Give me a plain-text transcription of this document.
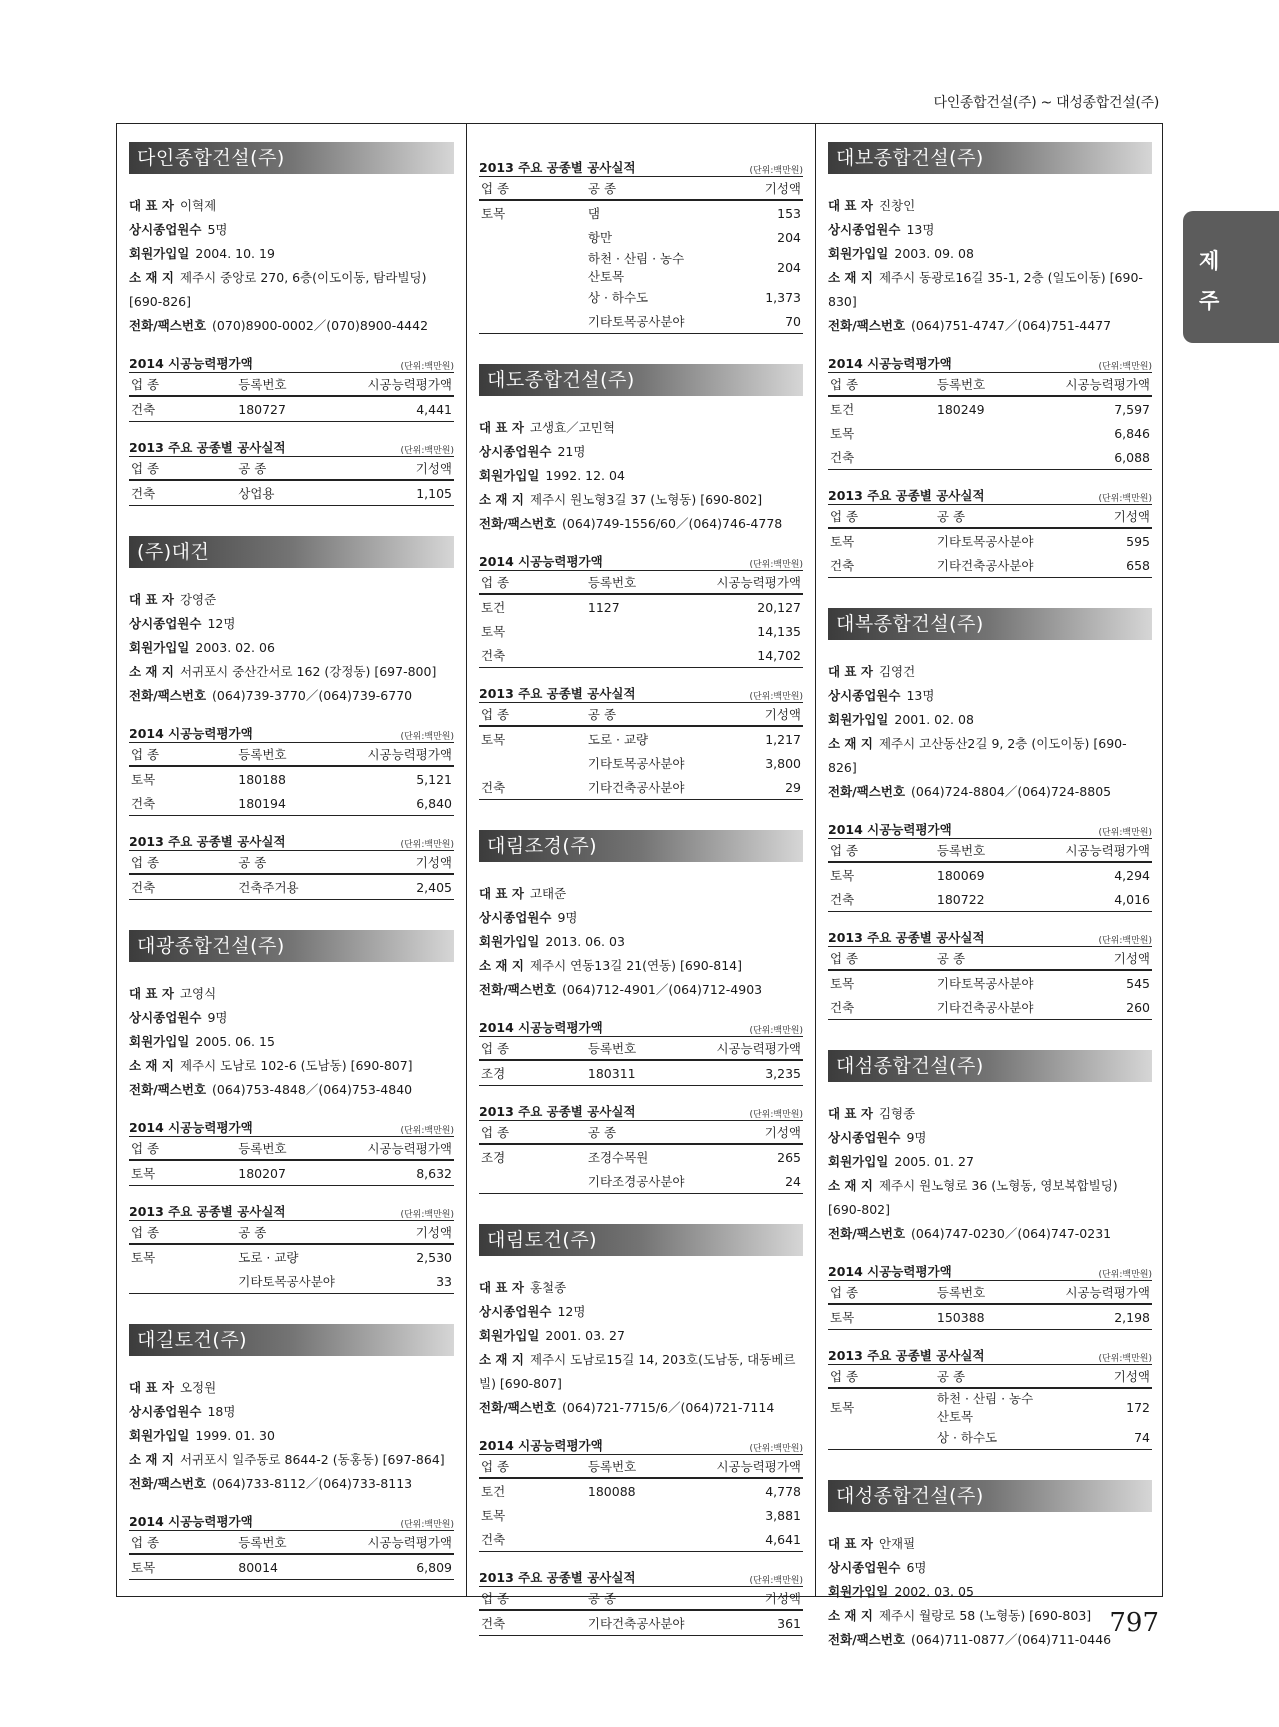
다인종합건설(주) ~ 대성종합건설(주)
다인종합건설(주)
대 표 자 이혁제
상시종업원수 5명
회원가입일 2004. 10. 19
소 재 지 제주시 중앙로 270, 6층(이도이동, 탐라빌딩) [690-826]
전화/팩스번호 (070)8900-0002／(070)8900-4442
2014 시공능력평가액	(단위:백만원)
업 종	등록번호	시공능력평가액
건축	180727	4,441
2013 주요 공종별 공사실적	(단위:백만원)
업 종	공 종	기성액
건축	상업용	1,105
(주)대건
대 표 자 강영준
상시종업원수 12명
회원가입일 2003. 02. 06
소 재 지 서귀포시 중산간서로 162 (강정동) [697-800]
전화/팩스번호 (064)739-3770／(064)739-6770
2014 시공능력평가액	(단위:백만원)
업 종	등록번호	시공능력평가액
토목	180188	5,121
건축	180194	6,840
2013 주요 공종별 공사실적	(단위:백만원)
업 종	공 종	기성액
건축	건축주거용	2,405
대광종합건설(주)
대 표 자 고영식
상시종업원수 9명
회원가입일 2005. 06. 15
소 재 지 제주시 도남로 102-6 (도남동) [690-807]
전화/팩스번호 (064)753-4848／(064)753-4840
2014 시공능력평가액	(단위:백만원)
업 종	등록번호	시공능력평가액
토목	180207	8,632
2013 주요 공종별 공사실적	(단위:백만원)
업 종	공 종	기성액
토목	도로 · 교량	2,530
	기타토목공사분야	33
대길토건(주)
대 표 자 오정원
상시종업원수 18명
회원가입일 1999. 01. 30
소 재 지 서귀포시 일주동로 8644-2 (동홍동) [697-864]
전화/팩스번호 (064)733-8112／(064)733-8113
2014 시공능력평가액	(단위:백만원)
업 종	등록번호	시공능력평가액
토목	80014	6,809
2013 주요 공종별 공사실적	(단위:백만원)
업 종	공 종	기성액
토목	댐	153
	항만	204
	하천 · 산림 · 농수산토목	204
	상 · 하수도	1,373
	기타토목공사분야	70
대도종합건설(주)
대 표 자 고생효／고민혁
상시종업원수 21명
회원가입일 1992. 12. 04
소 재 지 제주시 원노형3길 37 (노형동) [690-802]
전화/팩스번호 (064)749-1556/60／(064)746-4778
2014 시공능력평가액	(단위:백만원)
업 종	등록번호	시공능력평가액
토건	1127	20,127
토목		14,135
건축		14,702
2013 주요 공종별 공사실적	(단위:백만원)
업 종	공 종	기성액
토목	도로 · 교량	1,217
	기타토목공사분야	3,800
건축	기타건축공사분야	29
대림조경(주)
대 표 자 고태준
상시종업원수 9명
회원가입일 2013. 06. 03
소 재 지 제주시 연동13길 21(연동) [690-814]
전화/팩스번호 (064)712-4901／(064)712-4903
2014 시공능력평가액	(단위:백만원)
업 종	등록번호	시공능력평가액
조경	180311	3,235
2013 주요 공종별 공사실적	(단위:백만원)
업 종	공 종	기성액
조경	조경수목원	265
	기타조경공사분야	24
대림토건(주)
대 표 자 홍철종
상시종업원수 12명
회원가입일 2001. 03. 27
소 재 지 제주시 도남로15길 14, 203호(도남동, 대동베르빌) [690-807]
전화/팩스번호 (064)721-7715/6／(064)721-7114
2014 시공능력평가액	(단위:백만원)
업 종	등록번호	시공능력평가액
토건	180088	4,778
토목		3,881
건축		4,641
2013 주요 공종별 공사실적	(단위:백만원)
업 종	공 종	기성액
건축	기타건축공사분야	361
대보종합건설(주)
대 표 자 진창인
상시종업원수 13명
회원가입일 2003. 09. 08
소 재 지 제주시 동광로16길 35-1, 2층 (일도이동) [690-830]
전화/팩스번호 (064)751-4747／(064)751-4477
2014 시공능력평가액	(단위:백만원)
업 종	등록번호	시공능력평가액
토건	180249	7,597
토목		6,846
건축		6,088
2013 주요 공종별 공사실적	(단위:백만원)
업 종	공 종	기성액
토목	기타토목공사분야	595
건축	기타건축공사분야	658
대복종합건설(주)
대 표 자 김영건
상시종업원수 13명
회원가입일 2001. 02. 08
소 재 지 제주시 고산동산2길 9, 2층 (이도이동) [690-826]
전화/팩스번호 (064)724-8804／(064)724-8805
2014 시공능력평가액	(단위:백만원)
업 종	등록번호	시공능력평가액
토목	180069	4,294
건축	180722	4,016
2013 주요 공종별 공사실적	(단위:백만원)
업 종	공 종	기성액
토목	기타토목공사분야	545
건축	기타건축공사분야	260
대섬종합건설(주)
대 표 자 김형종
상시종업원수 9명
회원가입일 2005. 01. 27
소 재 지 제주시 원노형로 36 (노형동, 영보복합빌딩) [690-802]
전화/팩스번호 (064)747-0230／(064)747-0231
2014 시공능력평가액	(단위:백만원)
업 종	등록번호	시공능력평가액
토목	150388	2,198
2013 주요 공종별 공사실적	(단위:백만원)
업 종	공 종	기성액
토목	하천 · 산림 · 농수산토목	172
	상 · 하수도	74
대성종합건설(주)
대 표 자 안재필
상시종업원수 6명
회원가입일 2002. 03. 05
소 재 지 제주시 월랑로 58 (노형동) [690-803]
전화/팩스번호 (064)711-0877／(064)711-0446
제
주
797
